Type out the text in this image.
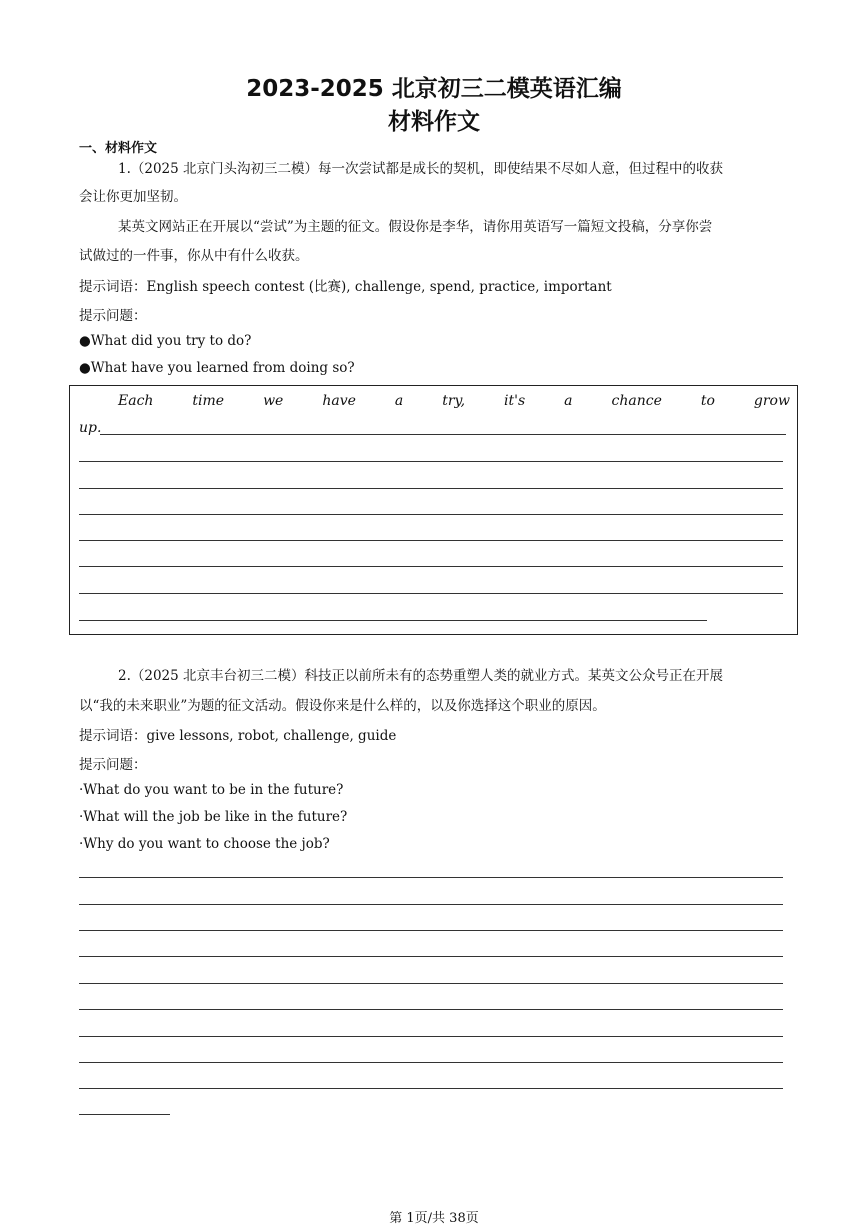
2023-2025 北京初三二模英语汇编
材料作文
一、材料作文
1.（2025 北京门头沟初三二模）每一次尝试都是成长的契机，即使结果不尽如人意，但过程中的收获
会让你更加坚韧。
某英文网站正在开展以“尝试”为主题的征文。假设你是李华，请你用英语写一篇短文投稿，分享你尝
试做过的一件事，你从中有什么收获。
提示词语：English speech contest (比赛), challenge, spend, practice, important
提示问题：
●What did you try to do?
●What have you learned from doing so?
Each	time	we	have	a	try,	it's	a	chance	to	grow
up.
2.（2025 北京丰台初三二模）科技正以前所未有的态势重塑人类的就业方式。某英文公众号正在开展
以“我的未来职业”为题的征文活动。假设你来是什么样的，以及你选择这个职业的原因。
提示词语：give lessons, robot, challenge, guide
提示问题：
·What do you want to be in the future?
·What will the job be like in the future?
·Why do you want to choose the job?
第 1页/共 38页
